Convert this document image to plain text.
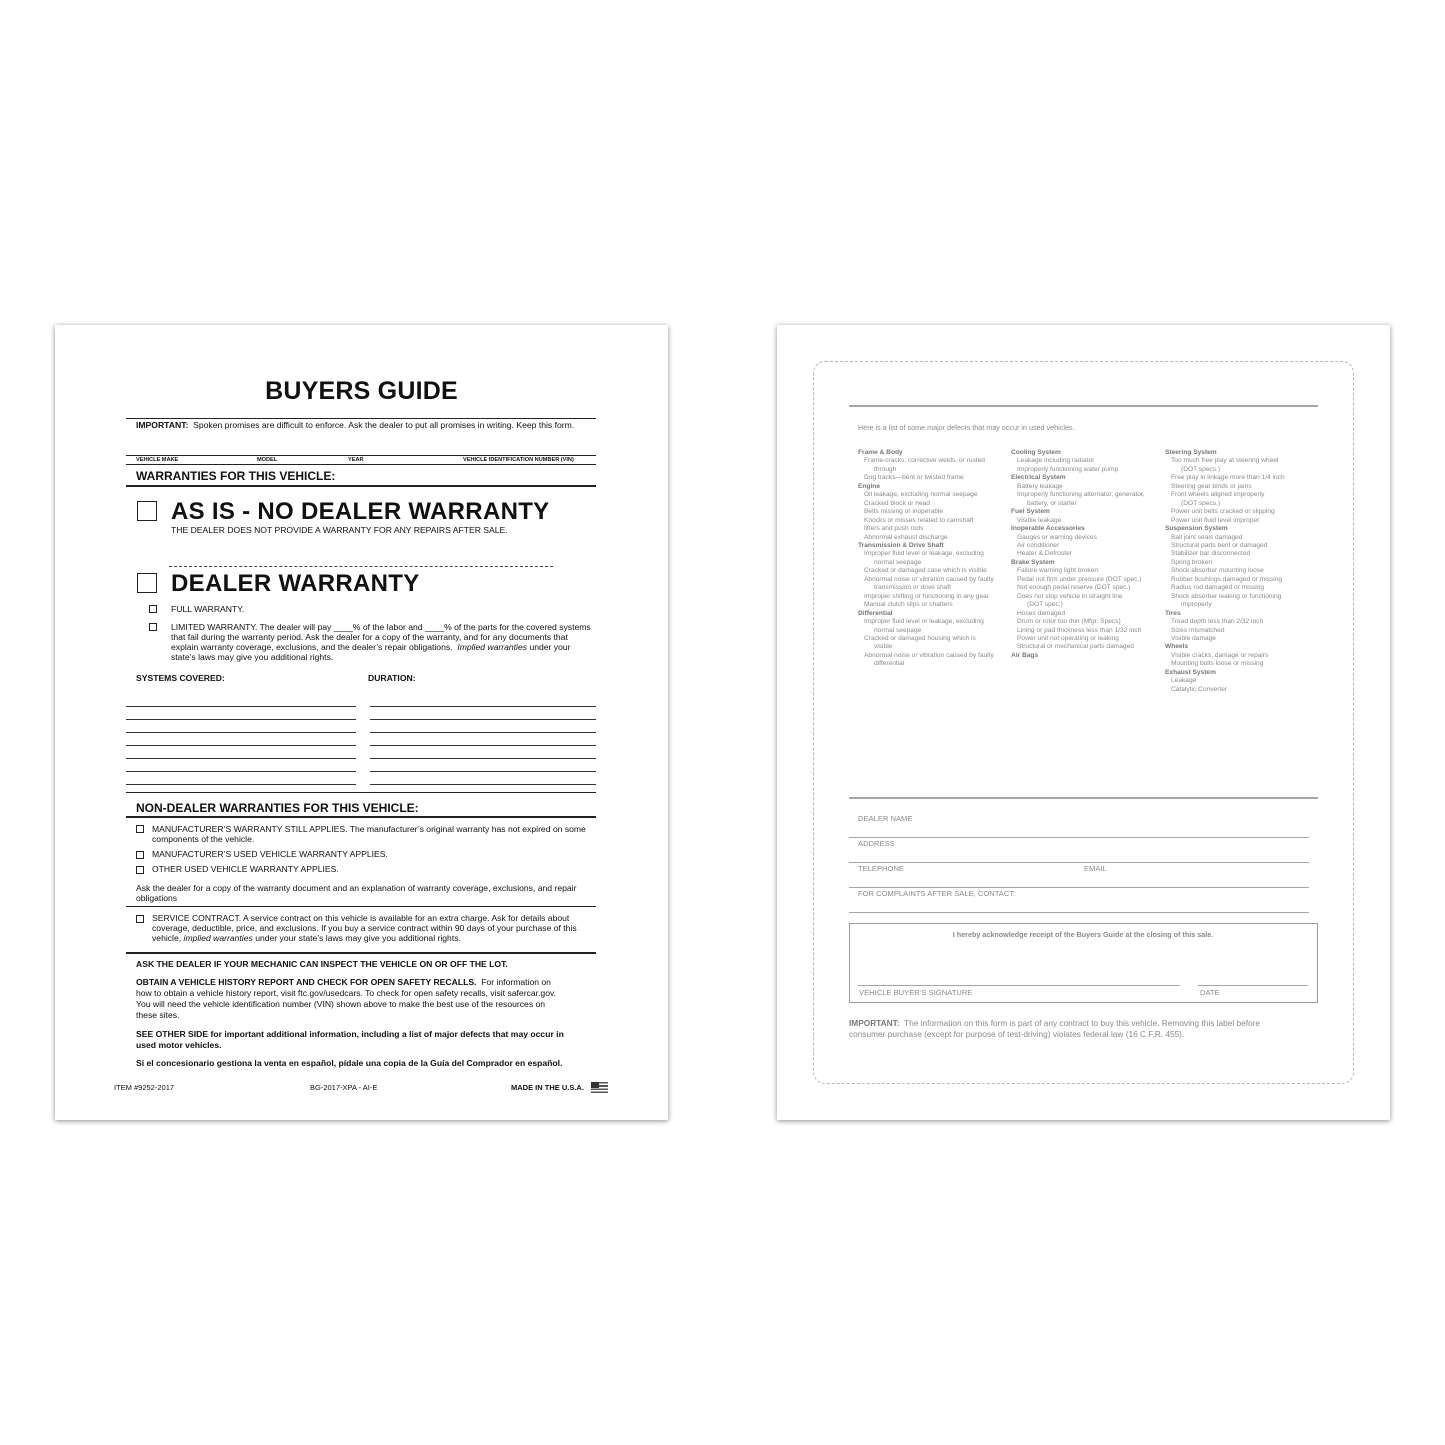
BUYERS GUIDE
IMPORTANT: Spoken promises are difficult to enforce. Ask the dealer to put all promises in writing. Keep this form.
VEHICLE MAKE	MODEL	YEAR	VEHICLE IDENTIFICATION NUMBER (VIN)
WARRANTIES FOR THIS VEHICLE:
AS IS - NO DEALER WARRANTY
THE DEALER DOES NOT PROVIDE A WARRANTY FOR ANY REPAIRS AFTER SALE.
DEALER WARRANTY
FULL WARRANTY.
LIMITED WARRANTY. The dealer will pay ____% of the labor and ____% of the parts for the covered systems
that fail during the warranty period. Ask the dealer for a copy of the warranty, and for any documents that
explain warranty coverage, exclusions, and the dealer’s repair obligations. Implied warranties under your
state’s laws may give you additional rights.
SYSTEMS COVERED:	DURATION:
NON-DEALER WARRANTIES FOR THIS VEHICLE:
MANUFACTURER’S WARRANTY STILL APPLIES. The manufacturer’s original warranty has not expired on some
components of the vehicle.
MANUFACTURER’S USED VEHICLE WARRANTY APPLIES.
OTHER USED VEHICLE WARRANTY APPLIES.
Ask the dealer for a copy of the warranty document and an explanation of warranty coverage, exclusions, and repair
obligations
SERVICE CONTRACT. A service contract on this vehicle is available for an extra charge. Ask for details about
coverage, deductible, price, and exclusions. If you buy a service contract within 90 days of your purchase of this
vehicle, implied warranties under your state’s laws may give you additional rights.
ASK THE DEALER IF YOUR MECHANIC CAN INSPECT THE VEHICLE ON OR OFF THE LOT.
OBTAIN A VEHICLE HISTORY REPORT AND CHECK FOR OPEN SAFETY RECALLS. For information on
how to obtain a vehicle history report, visit ftc.gov/usedcars. To check for open safety recalls, visit safercar.gov.
You will need the vehicle identification number (VIN) shown above to make the best use of the resources on
these sites.
SEE OTHER SIDE for important additional information, including a list of major defects that may occur in
used motor vehicles.
Si el concesionario gestiona la venta en español, pídale una copia de la Guía del Comprador en español.
ITEM #9252-2017	BG-2017-XPA - AI-E	MADE IN THE U.S.A.
Here is a list of some major defects that may occur in used vehicles.
Frame & Body
Frame-cracks, corrective welds, or rusted
through
Dog tracks—bent or twisted frame
Engine
Oil leakage, excluding normal seepage
Cracked block or head
Belts missing or inoperable
Knocks or misses related to camshaft
lifters and push rods
Abnormal exhaust discharge
Transmission & Drive Shaft
Improper fluid level or leakage, excluding
normal seepage
Cracked or damaged case which is visible
Abnormal noise or vibration caused by faulty
transmission or drive shaft
Improper shifting or functioning in any gear
Manual clutch slips or chatters
Differential
Improper fluid level or leakage, excluding
normal seepage
Cracked or damaged housing which is
visible
Abnormal noise or vibration caused by faulty
differential
Cooling System
Leakage including radiator
Improperly functioning water pump
Electrical System
Battery leakage
Improperly functioning alternator, generator,
battery, or starter
Fuel System
Visible leakage
Inoperable Accessories
Gauges or warning devices
Air conditioner
Heater & Defroster
Brake System
Failure warning light broken
Pedal not firm under pressure (DOT spec.)
Not enough pedal reserve (DOT spec.)
Does not stop vehicle in straight line
(DOT spec.)
Hoses damaged
Drum or rotor too thin (Mfgr. Specs)
Lining or pad thickness less than 1/32 inch
Power unit not operating or leaking
Structural or mechanical parts damaged
Air Bags
Steering System
Too much free play at steering wheel
(DOT specs.)
Free play in linkage more than 1/4 inch
Steering gear binds or jams
Front wheels aligned improperly
(DOT specs.)
Power unit belts cracked or slipping
Power unit fluid level improper
Suspension System
Ball joint seals damaged
Structural parts bent or damaged
Stabilizer bar disconnected
Spring broken
Shock absorber mounting loose
Rubber bushings damaged or missing
Radius rod damaged or missing
Shock absorber leaking or functioning
improperly
Tires
Tread depth less than 2/32 inch
Sizes mismatched
Visible damage
Wheels
Visible cracks, damage or repairs
Mounting bolts loose or missing
Exhaust System
Leakage
Catalytic Converter
DEALER NAME
ADDRESS
TELEPHONE	EMAIL
FOR COMPLAINTS AFTER SALE, CONTACT:
I hereby acknowledge receipt of the Buyers Guide at the closing of this sale.
VEHICLE BUYER’S SIGNATURE	DATE
IMPORTANT: The information on this form is part of any contract to buy this vehicle. Removing this label before
consumer purchase (except for purpose of test-driving) violates federal law (16 C.F.R. 455).
